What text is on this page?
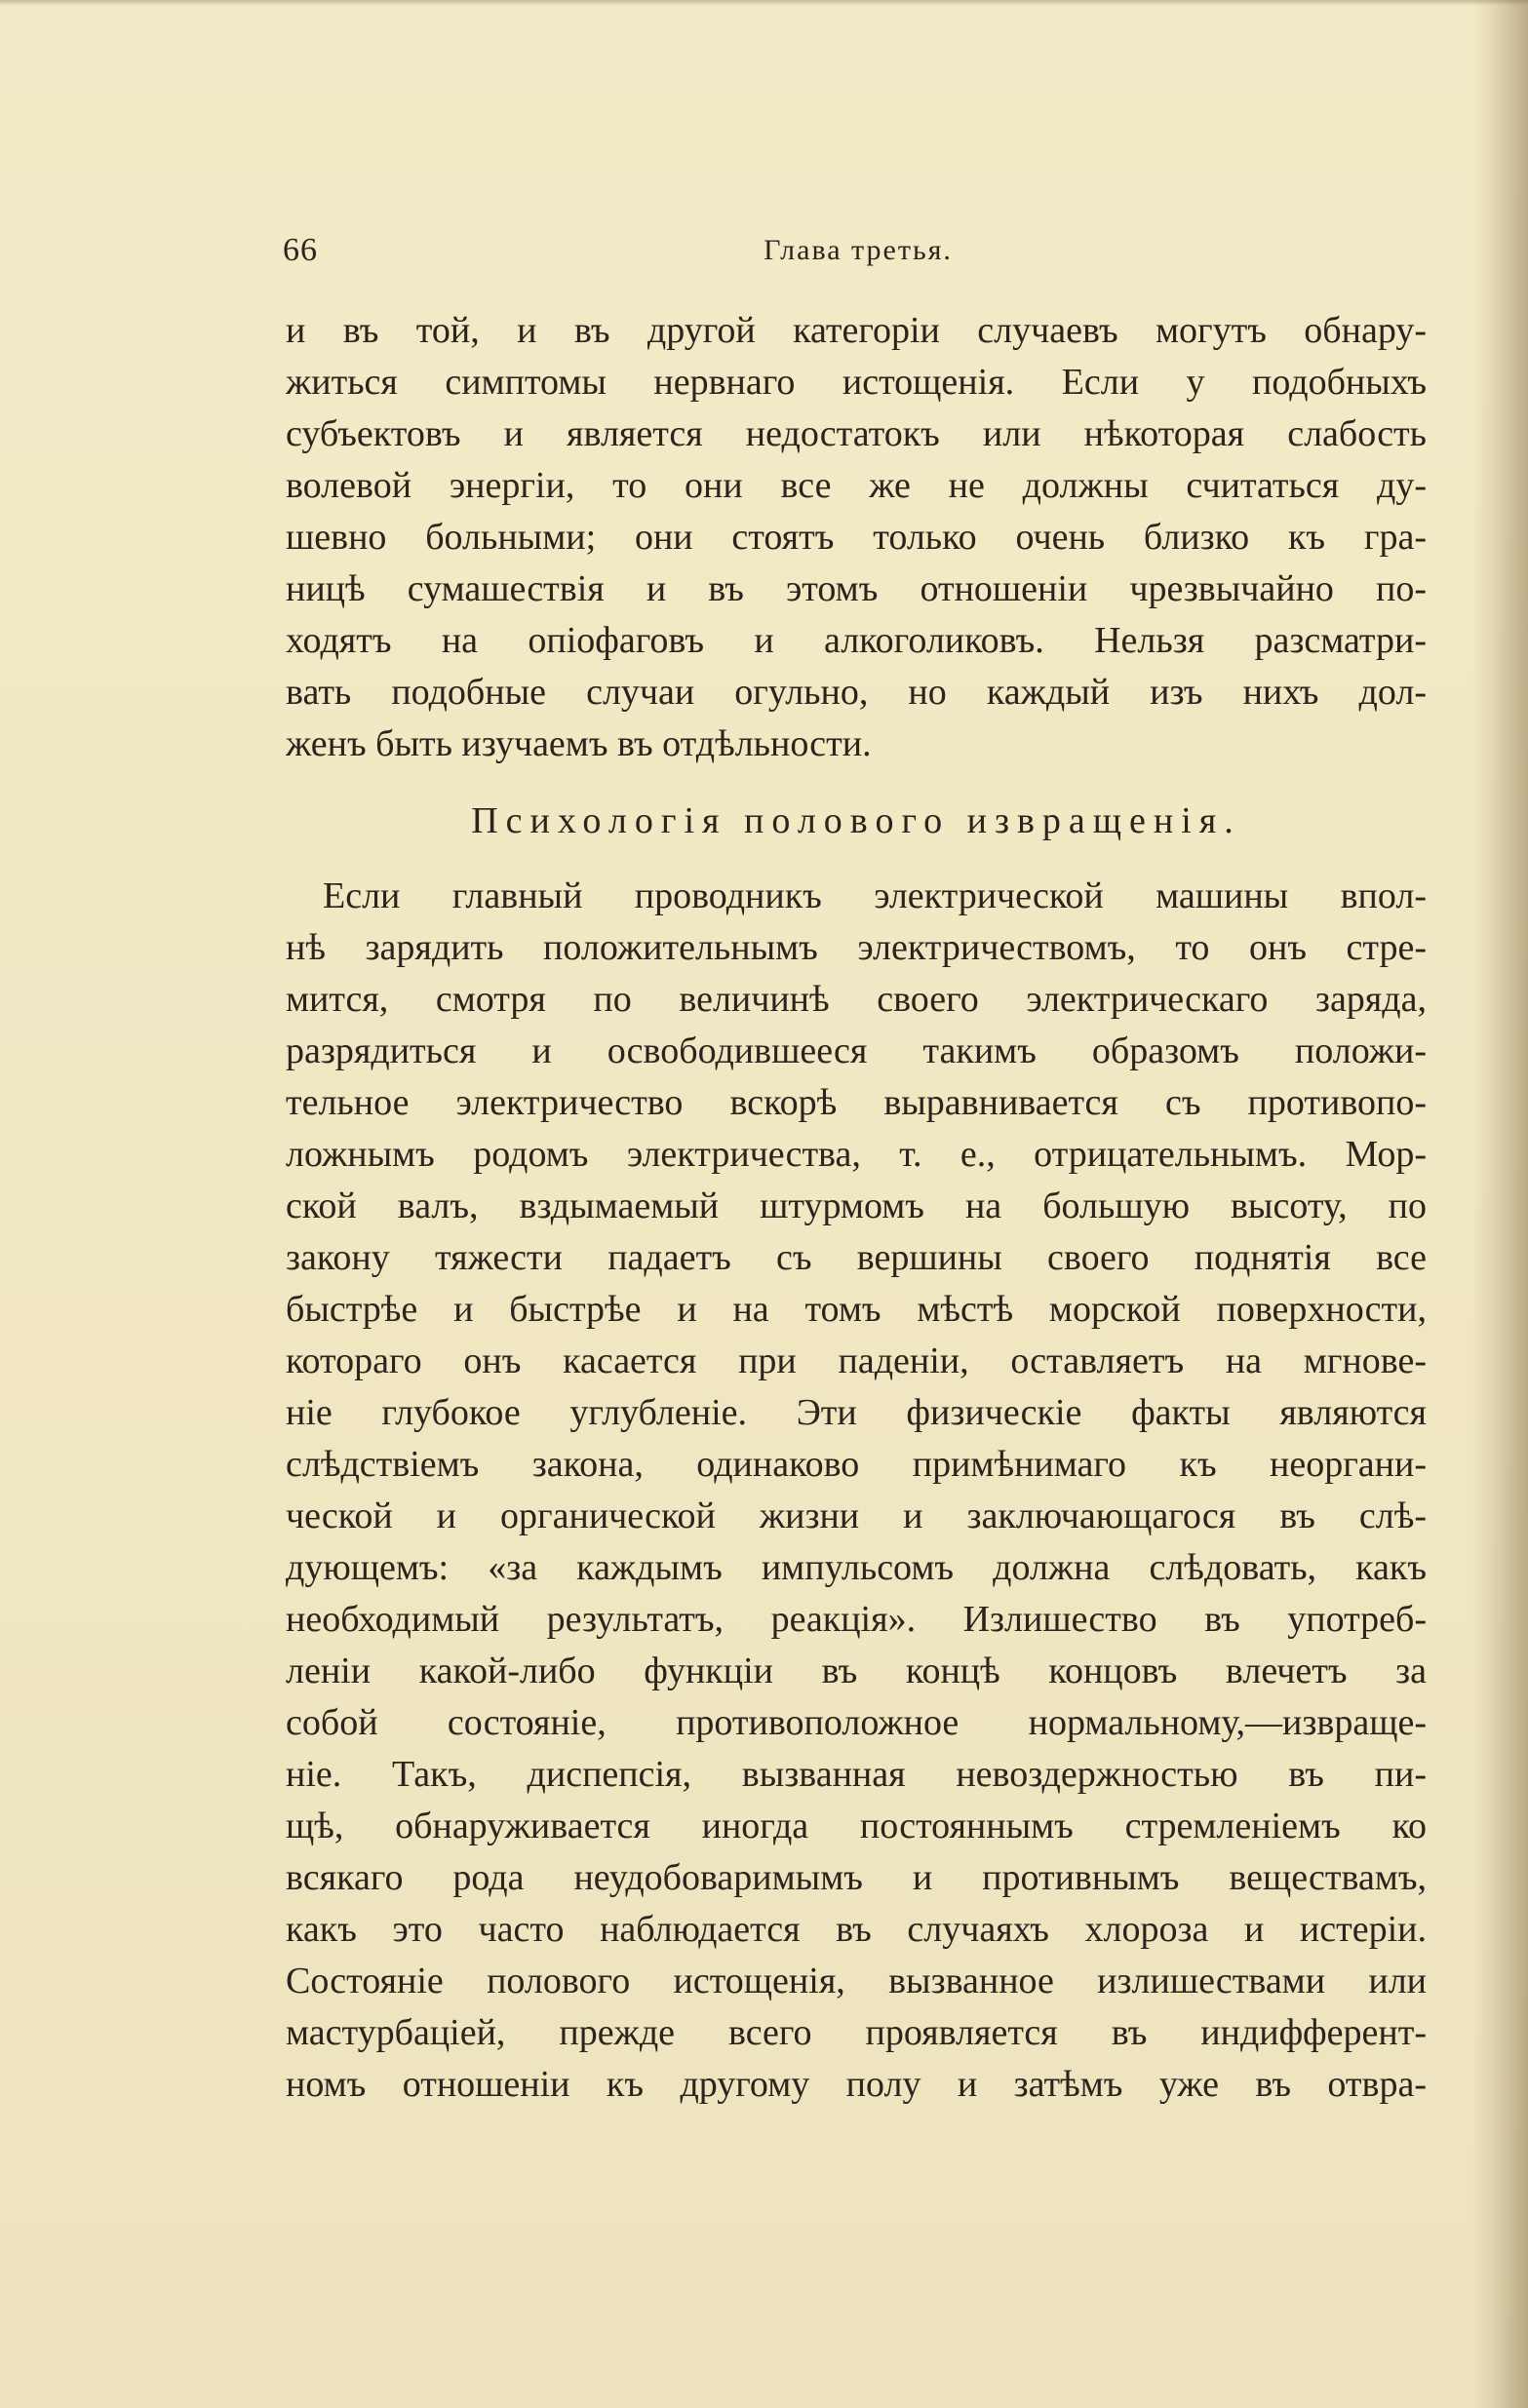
66	Глава третья.

и въ той, и въ другой категоріи случаевъ могутъ обнару-
житься симптомы нервнаго истощенія. Если у подобныхъ
субъектовъ и является недостатокъ или нѣкоторая слабость
волевой энергіи, то они все же не должны считаться ду-
шевно больными; они стоятъ только очень близко къ гра-
ницѣ сумашествія и въ этомъ отношеніи чрезвычайно по-
ходятъ на опіофаговъ и алкоголиковъ. Нельзя разсматри-
вать подобные случаи огульно, но каждый изъ нихъ дол-
женъ быть изучаемъ въ отдѣльности.

Психологія полового извращенія.

Если главный проводникъ электрической машины впол-
нѣ зарядить положительнымъ электричествомъ, то онъ стре-
мится, смотря по величинѣ своего электрическаго заряда,
разрядиться и освободившееся такимъ образомъ положи-
тельное электричество вскорѣ выравнивается съ противопо-
ложнымъ родомъ электричества, т. е., отрицательнымъ. Мор-
ской валъ, вздымаемый штурмомъ на большую высоту, по
закону тяжести падаетъ съ вершины своего поднятія все
быстрѣе и быстрѣе и на томъ мѣстѣ морской поверхности,
котораго онъ касается при паденіи, оставляетъ на мгнове-
ніе глубокое углубленіе. Эти физическіе факты являются
слѣдствіемъ закона, одинаково примѣнимаго къ неоргани-
ческой и органической жизни и заключающагося въ слѣ-
дующемъ: «за каждымъ импульсомъ должна слѣдовать, какъ
необходимый результатъ, реакція». Излишество въ употреб-
леніи какой-либо функціи въ концѣ концовъ влечетъ за
собой состояніе, противоположное нормальному,—извраще-
ніе. Такъ, диспепсія, вызванная невоздержностью въ пи-
щѣ, обнаруживается иногда постояннымъ стремленіемъ ко
всякаго рода неудобоваримымъ и противнымъ веществамъ,
какъ это часто наблюдается въ случаяхъ хлороза и истеріи.
Состояніе полового истощенія, вызванное излишествами или
мастурбаціей, прежде всего проявляется въ индифферент-
номъ отношеніи къ другому полу и затѣмъ уже въ отвра-
